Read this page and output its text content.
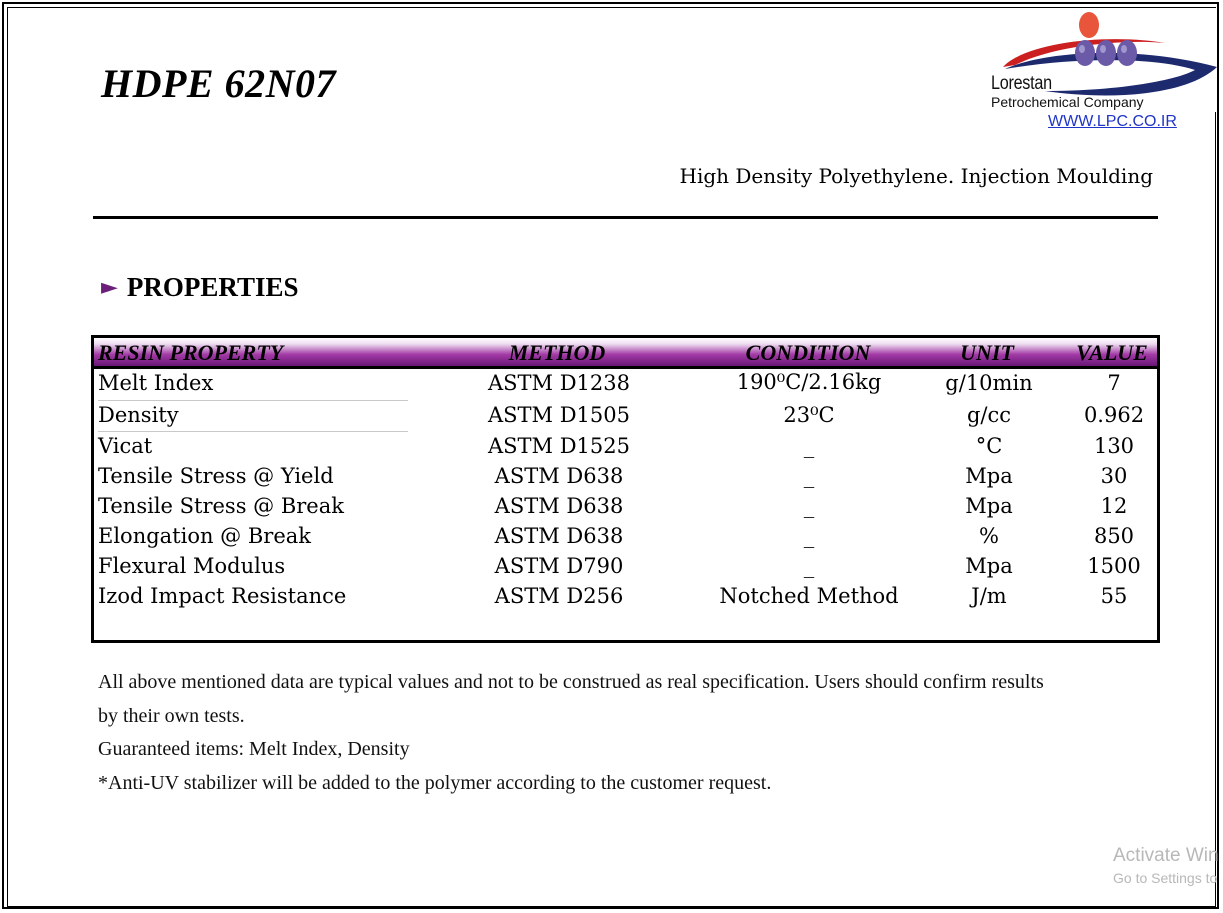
HDPE 62N07	Lorestan
Petrochemical Company
WWW.LPC.CO.IR
High Density Polyethylene. Injection Moulding
► PROPERTIES
RESIN PROPERTY	METHOD	CONDITION	UNIT	VALUE
Melt Index	ASTM D1238	190⁰C/2.16kg	g/10min	7
Density	ASTM D1505	23⁰C	g/cc	0.962
Vicat	ASTM D1525	_	°C	130
Tensile Stress @ Yield	ASTM D638	_	Mpa	30
Tensile Stress @ Break	ASTM D638	_	Mpa	12
Elongation @ Break	ASTM D638	_	%	850
Flexural Modulus	ASTM D790	_	Mpa	1500
Izod Impact Resistance	ASTM D256	Notched Method	J/m	55
All above mentioned data are typical values and not to be construed as real specification. Users should confirm results
by their own tests.
Guaranteed items: Melt Index, Density
*Anti-UV stabilizer will be added to the polymer according to the customer request.
Activate Win
Go to Settings to
